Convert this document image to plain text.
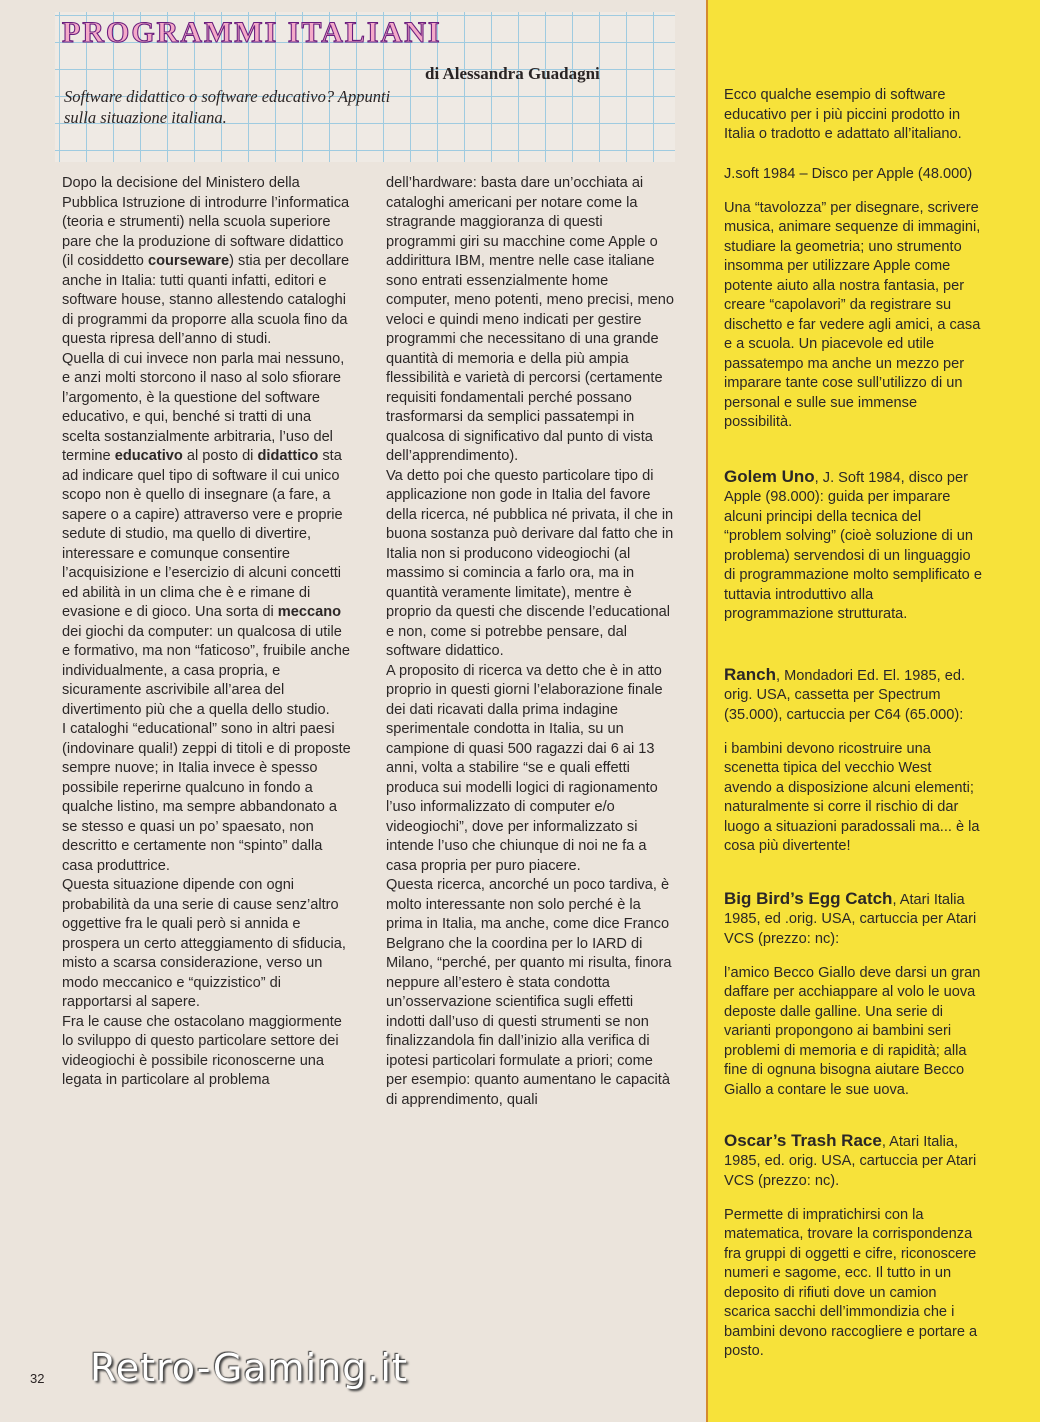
PROGRAMMI ITALIANI

di Alessandra Guadagni

Software didattico o software educativo? Appunti sulla situazione italiana.

Dopo la decisione del Ministero della Pubblica Istruzione di introdurre l’informatica (teoria e strumenti) nella scuola superiore pare che la produzione di software didattico (il cosiddetto courseware) stia per decollare anche in Italia: tutti quanti infatti, editori e software house, stanno allestendo cataloghi di programmi da proporre alla scuola fino da questa ripresa dell’anno di studi.

Quella di cui invece non parla mai nessuno, e anzi molti storcono il naso al solo sfiorare l’argomento, è la questione del software educativo, e qui, benché si tratti di una scelta sostanzialmente arbitraria, l’uso del termine educativo al posto di didattico sta ad indicare quel tipo di software il cui unico scopo non è quello di insegnare (a fare, a sapere o a capire) attraverso vere e proprie sedute di studio, ma quello di divertire, interessare e comunque consentire l’acquisizione e l’esercizio di alcuni concetti ed abilità in un clima che è e rimane di evasione e di gioco. Una sorta di meccano dei giochi da computer: un qualcosa di utile e formativo, ma non “faticoso”, fruibile anche individualmente, a casa propria, e sicuramente ascrivibile all’area del divertimento più che a quella dello studio.

I cataloghi “educational” sono in altri paesi (indovinare quali!) zeppi di titoli e di proposte sempre nuove; in Italia invece è spesso possibile reperirne qualcuno in fondo a qualche listino, ma sempre abbandonato a se stesso e quasi un po’ spaesato, non descritto e certamente non “spinto” dalla casa produttrice.

Questa situazione dipende con ogni probabilità da una serie di cause senz’altro oggettive fra le quali però si annida e prospera un certo atteggiamento di sfiducia, misto a scarsa considerazione, verso un modo meccanico e “quizzistico” di rapportarsi al sapere.

Fra le cause che ostacolano maggiormente lo sviluppo di questo particolare settore dei videogiochi è possibile riconoscerne una legata in particolare al problema

dell’hardware: basta dare un’occhiata ai cataloghi americani per notare come la stragrande maggioranza di questi programmi giri su macchine come Apple o addirittura IBM, mentre nelle case italiane sono entrati essenzialmente home computer, meno potenti, meno precisi, meno veloci e quindi meno indicati per gestire programmi che necessitano di una grande quantità di memoria e della più ampia flessibilità e varietà di percorsi (certamente requisiti fondamentali perché possano trasformarsi da semplici passatempi in qualcosa di significativo dal punto di vista dell’apprendimento).

Va detto poi che questo particolare tipo di applicazione non gode in Italia del favore della ricerca, né pubblica né privata, il che in buona sostanza può derivare dal fatto che in Italia non si producono videogiochi (al massimo si comincia a farlo ora, ma in quantità veramente limitate), mentre è proprio da questi che discende l’educational e non, come si potrebbe pensare, dal software didattico.

A proposito di ricerca va detto che è in atto proprio in questi giorni l’elaborazione finale dei dati ricavati dalla prima indagine sperimentale condotta in Italia, su un campione di quasi 500 ragazzi dai 6 ai 13 anni, volta a stabilire “se e quali effetti produca sui modelli logici di ragionamento l’uso informalizzato di computer e/o videogiochi”, dove per informalizzato si intende l’uso che chiunque di noi ne fa a casa propria per puro piacere.

Questa ricerca, ancorché un poco tardiva, è molto interessante non solo perché è la prima in Italia, ma anche, come dice Franco Belgrano che la coordina per lo IARD di Milano, “perché, per quanto mi risulta, finora neppure all’estero è stata condotta un’osservazione scientifica sugli effetti indotti dall’uso di questi strumenti se non finalizzandola fin dall’inizio alla verifica di ipotesi particolari formulate a priori; come per esempio: quanto aumentano le capacità di apprendimento, quali

Ecco qualche esempio di software educativo per i più piccini prodotto in Italia o tradotto e adattato all’italiano.

J.soft 1984 – Disco per Apple (48.000)

Una “tavolozza” per disegnare, scrivere musica, animare sequenze di immagini, studiare la geometria; uno strumento insomma per utilizzare Apple come potente aiuto alla nostra fantasia, per creare “capolavori” da registrare su dischetto e far vedere agli amici, a casa e a scuola. Un piacevole ed utile passatempo ma anche un mezzo per imparare tante cose sull’utilizzo di un personal e sulle sue immense possibilità.

Golem Uno, J. Soft 1984, disco per Apple (98.000): guida per imparare alcuni principi della tecnica del “problem solving” (cioè soluzione di un problema) servendosi di un linguaggio di programmazione molto semplificato e tuttavia introduttivo alla programmazione strutturata.

Ranch, Mondadori Ed. El. 1985, ed. orig. USA, cassetta per Spectrum (35.000), cartuccia per C64 (65.000):

i bambini devono ricostruire una scenetta tipica del vecchio West avendo a disposizione alcuni elementi; naturalmente si corre il rischio di dar luogo a situazioni paradossali ma... è la cosa più divertente!

Big Bird’s Egg Catch, Atari Italia 1985, ed .orig. USA, cartuccia per Atari VCS (prezzo: nc):

l’amico Becco Giallo deve darsi un gran daffare per acchiappare al volo le uova deposte dalle galline. Una serie di varianti propongono ai bambini seri problemi di memoria e di rapidità; alla fine di ognuna bisogna aiutare Becco Giallo a contare le sue uova.

Oscar’s Trash Race, Atari Italia, 1985, ed. orig. USA, cartuccia per Atari VCS (prezzo: nc).

Permette di impratichirsi con la matematica, trovare la corrispondenza fra gruppi di oggetti e cifre, riconoscere numeri e sagome, ecc. Il tutto in un deposito di rifiuti dove un camion scarica sacchi dell’immondizia che i bambini devono raccogliere e portare a posto.

32 Retro-Gaming.it
